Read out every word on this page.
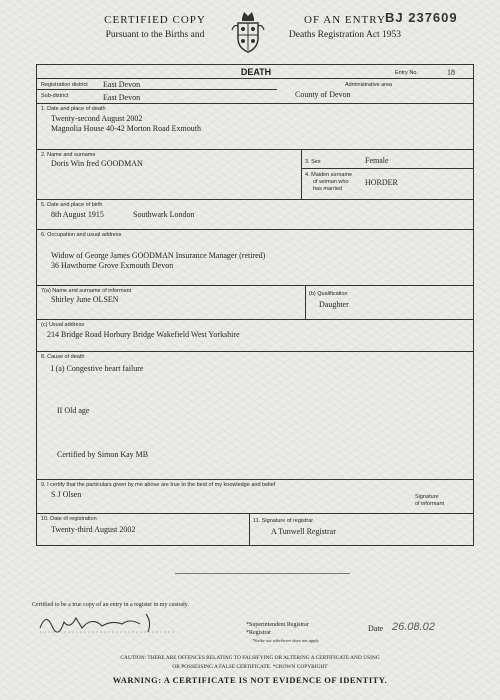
CERTIFIED COPY
Pursuant to the Births and
OF AN ENTRY
Deaths Registration Act 1953
BJ 237609
DEATH	Entry No.	18
Registration district East Devon	Administrative area
County of Devon
Sub-district	East Devon
1. Date and place of death
Twenty-second August 2002
Magnolia House 40-42 Morton Road Exmouth
2. Name and surname
Doris Win fred GOODMAN	3. Sex	Female
4. Maiden surname
of woman who
has married
HORDER
5. Date and place of birth
8th August 1915	Southwark London
6. Occupation and usual address
Widow of George James GOODMAN Insurance Manager (retired)
36 Hawthorne Grove Exmouth Devon
7(a) Name and surname of informant
Shirley June OLSEN
(b) Qualification
Daughter
(c) Usual address
214 Bridge Road Horbury Bridge Wakefield West Yorkshire
8. Cause of death
I (a) Congestive heart failure
II Old age
Certified by Simon Kay MB
9. I certify that the particulars given by me above are true to the best of my knowledge and belief
S J Olsen	Signature
of informant
10. Date of registration
Twenty-third August 2002
11. Signature of registrar
A Tunwell Registrar
Certified to be a true copy of an entry in a register in my custody.
*Superintendent Registrar
*Registrar
*Strike out whichever does not apply
Date 26.08.02
CAUTION: THERE ARE OFFENCES RELATING TO FALSIFYING OR ALTERING A CERTIFICATE AND USING
OR POSSESSING A FALSE CERTIFICATE. *CROWN COPYRIGHT
WARNING: A CERTIFICATE IS NOT EVIDENCE OF IDENTITY.
